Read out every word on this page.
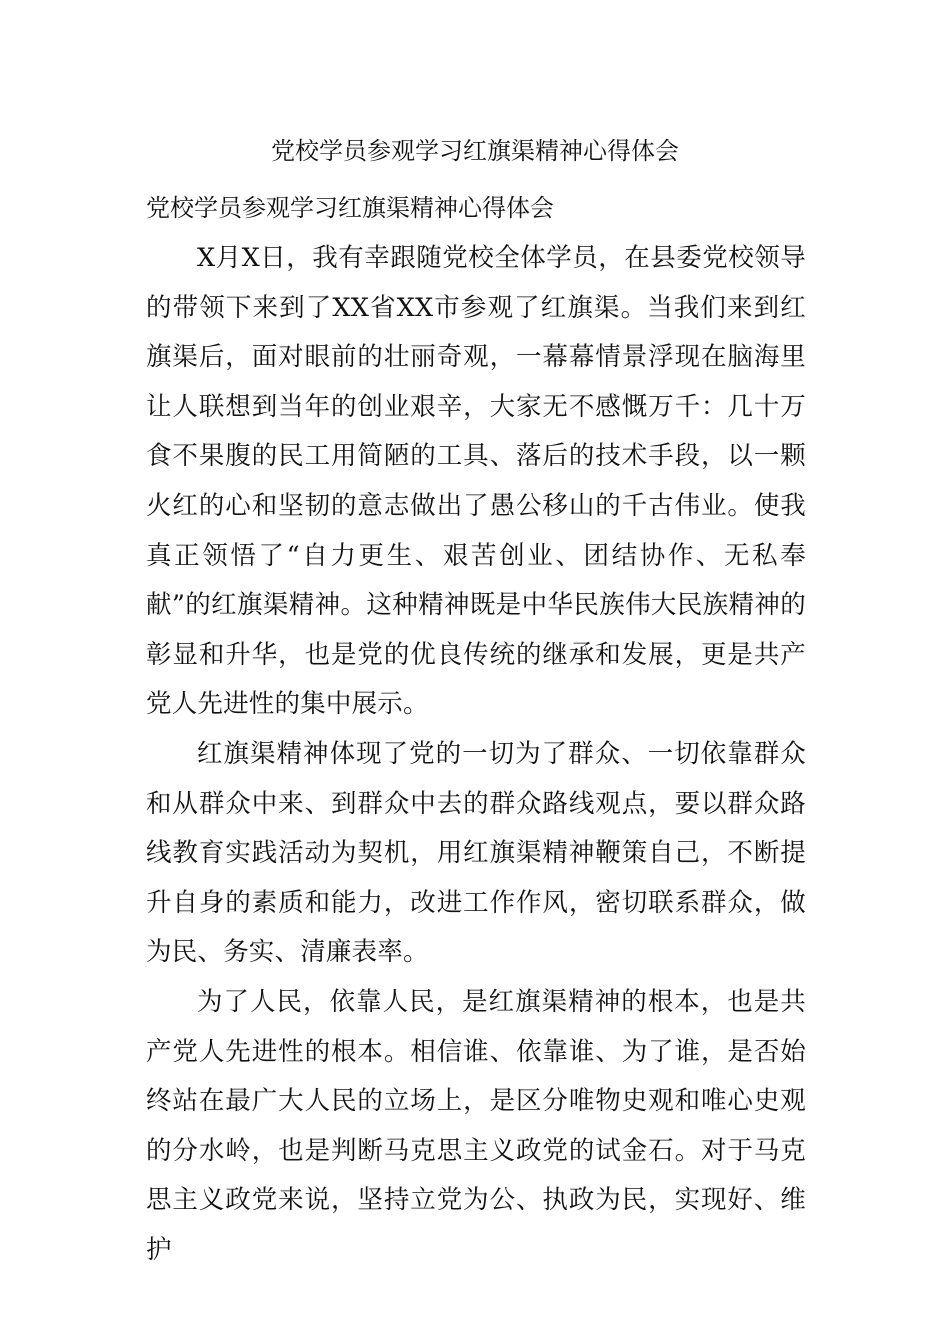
党校学员参观学习红旗渠精神心得体会

党校学员参观学习红旗渠精神心得体会

X月X日，我有幸跟随党校全体学员，在县委党校领导的带领下来到了XX省XX市参观了红旗渠。当我们来到红旗渠后，面对眼前的壮丽奇观，一幕幕情景浮现在脑海里让人联想到当年的创业艰辛，大家无不感慨万千：几十万食不果腹的民工用简陋的工具、落后的技术手段，以一颗火红的心和坚韧的意志做出了愚公移山的千古伟业。使我真正领悟了“自力更生、艰苦创业、团结协作、无私奉献”的红旗渠精神。这种精神既是中华民族伟大民族精神的彰显和升华，也是党的优良传统的继承和发展，更是共产党人先进性的集中展示。

红旗渠精神体现了党的一切为了群众、一切依靠群众和从群众中来、到群众中去的群众路线观点，要以群众路线教育实践活动为契机，用红旗渠精神鞭策自己，不断提升自身的素质和能力，改进工作作风，密切联系群众，做为民、务实、清廉表率。

为了人民，依靠人民，是红旗渠精神的根本，也是共产党人先进性的根本。相信谁、依靠谁、为了谁，是否始终站在最广大人民的立场上，是区分唯物史观和唯心史观的分水岭，也是判断马克思主义政党的试金石。对于马克思主义政党来说，坚持立党为公、执政为民，实现好、维护
